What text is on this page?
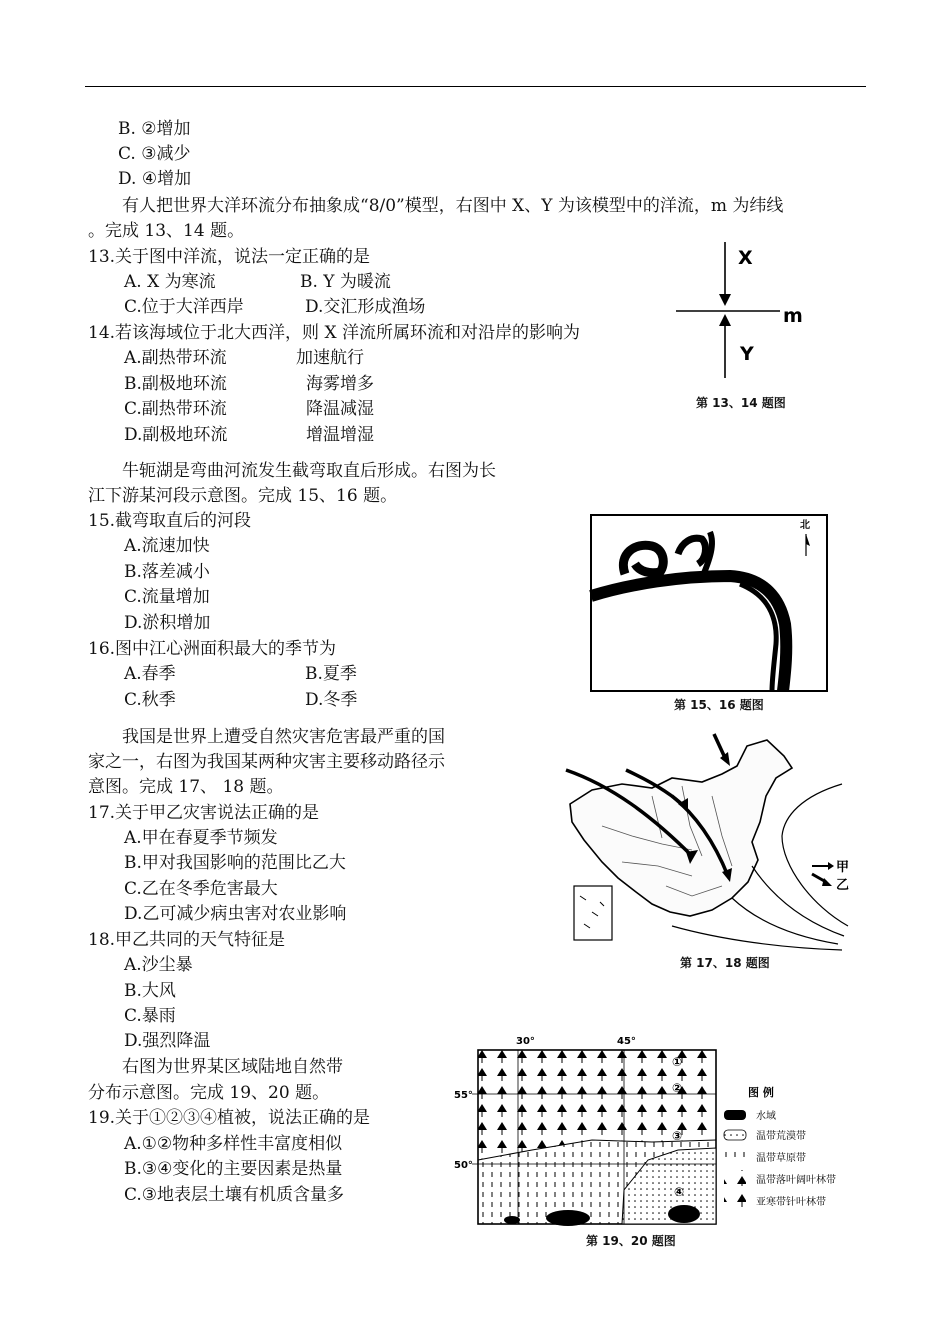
B. ②增加
C. ③减少
D. ④增加
有人把世界大洋环流分布抽象成“8/0”模型，右图中 X、Y 为该模型中的洋流，m 为纬线
。完成 13、14 题。
13.关于图中洋流，说法一定正确的是
A. X 为寒流	B. Y 为暖流
C.位于大洋西岸	D.交汇形成渔场
14.若该海域位于北大西洋，则 X 洋流所属环流和对沿岸的影响为
A.副热带环流	加速航行
B.副极地环流	海雾增多
C.副热带环流	降温减湿
D.副极地环流	增温增湿
X
m
Y
第 13、14 题图
牛轭湖是弯曲河流发生截弯取直后形成。右图为长
江下游某河段示意图。完成 15、16 题。
15.截弯取直后的河段
A.流速加快
B.落差减小
C.流量增加
D.淤积增加
16.图中江心洲面积最大的季节为
A.春季	B.夏季
C.秋季	D.冬季
北
第 15、16 题图
我国是世界上遭受自然灾害危害最严重的国
家之一，右图为我国某两种灾害主要移动路径示
意图。完成 17、 18 题。
17.关于甲乙灾害说法正确的是
A.甲在春夏季节频发
B.甲对我国影响的范围比乙大
C.乙在冬季危害最大
D.乙可减少病虫害对农业影响
甲
乙
第 17、18 题图
18.甲乙共同的天气特征是
A.沙尘暴
B.大风
C.暴雨
D.强烈降温
右图为世界某区域陆地自然带
分布示意图。完成 19、20 题。
19.关于①②③④植被，说法正确的是
A.①②物种多样性丰富度相似
B.③④变化的主要因素是热量
C.③地表层土壤有机质含量多
30°	45°
55°
50°
①
②
③
④
图 例
水域
温带荒漠带
温带草原带
温带落叶阔叶林带
亚寒带针叶林带
第 19、20 题图
